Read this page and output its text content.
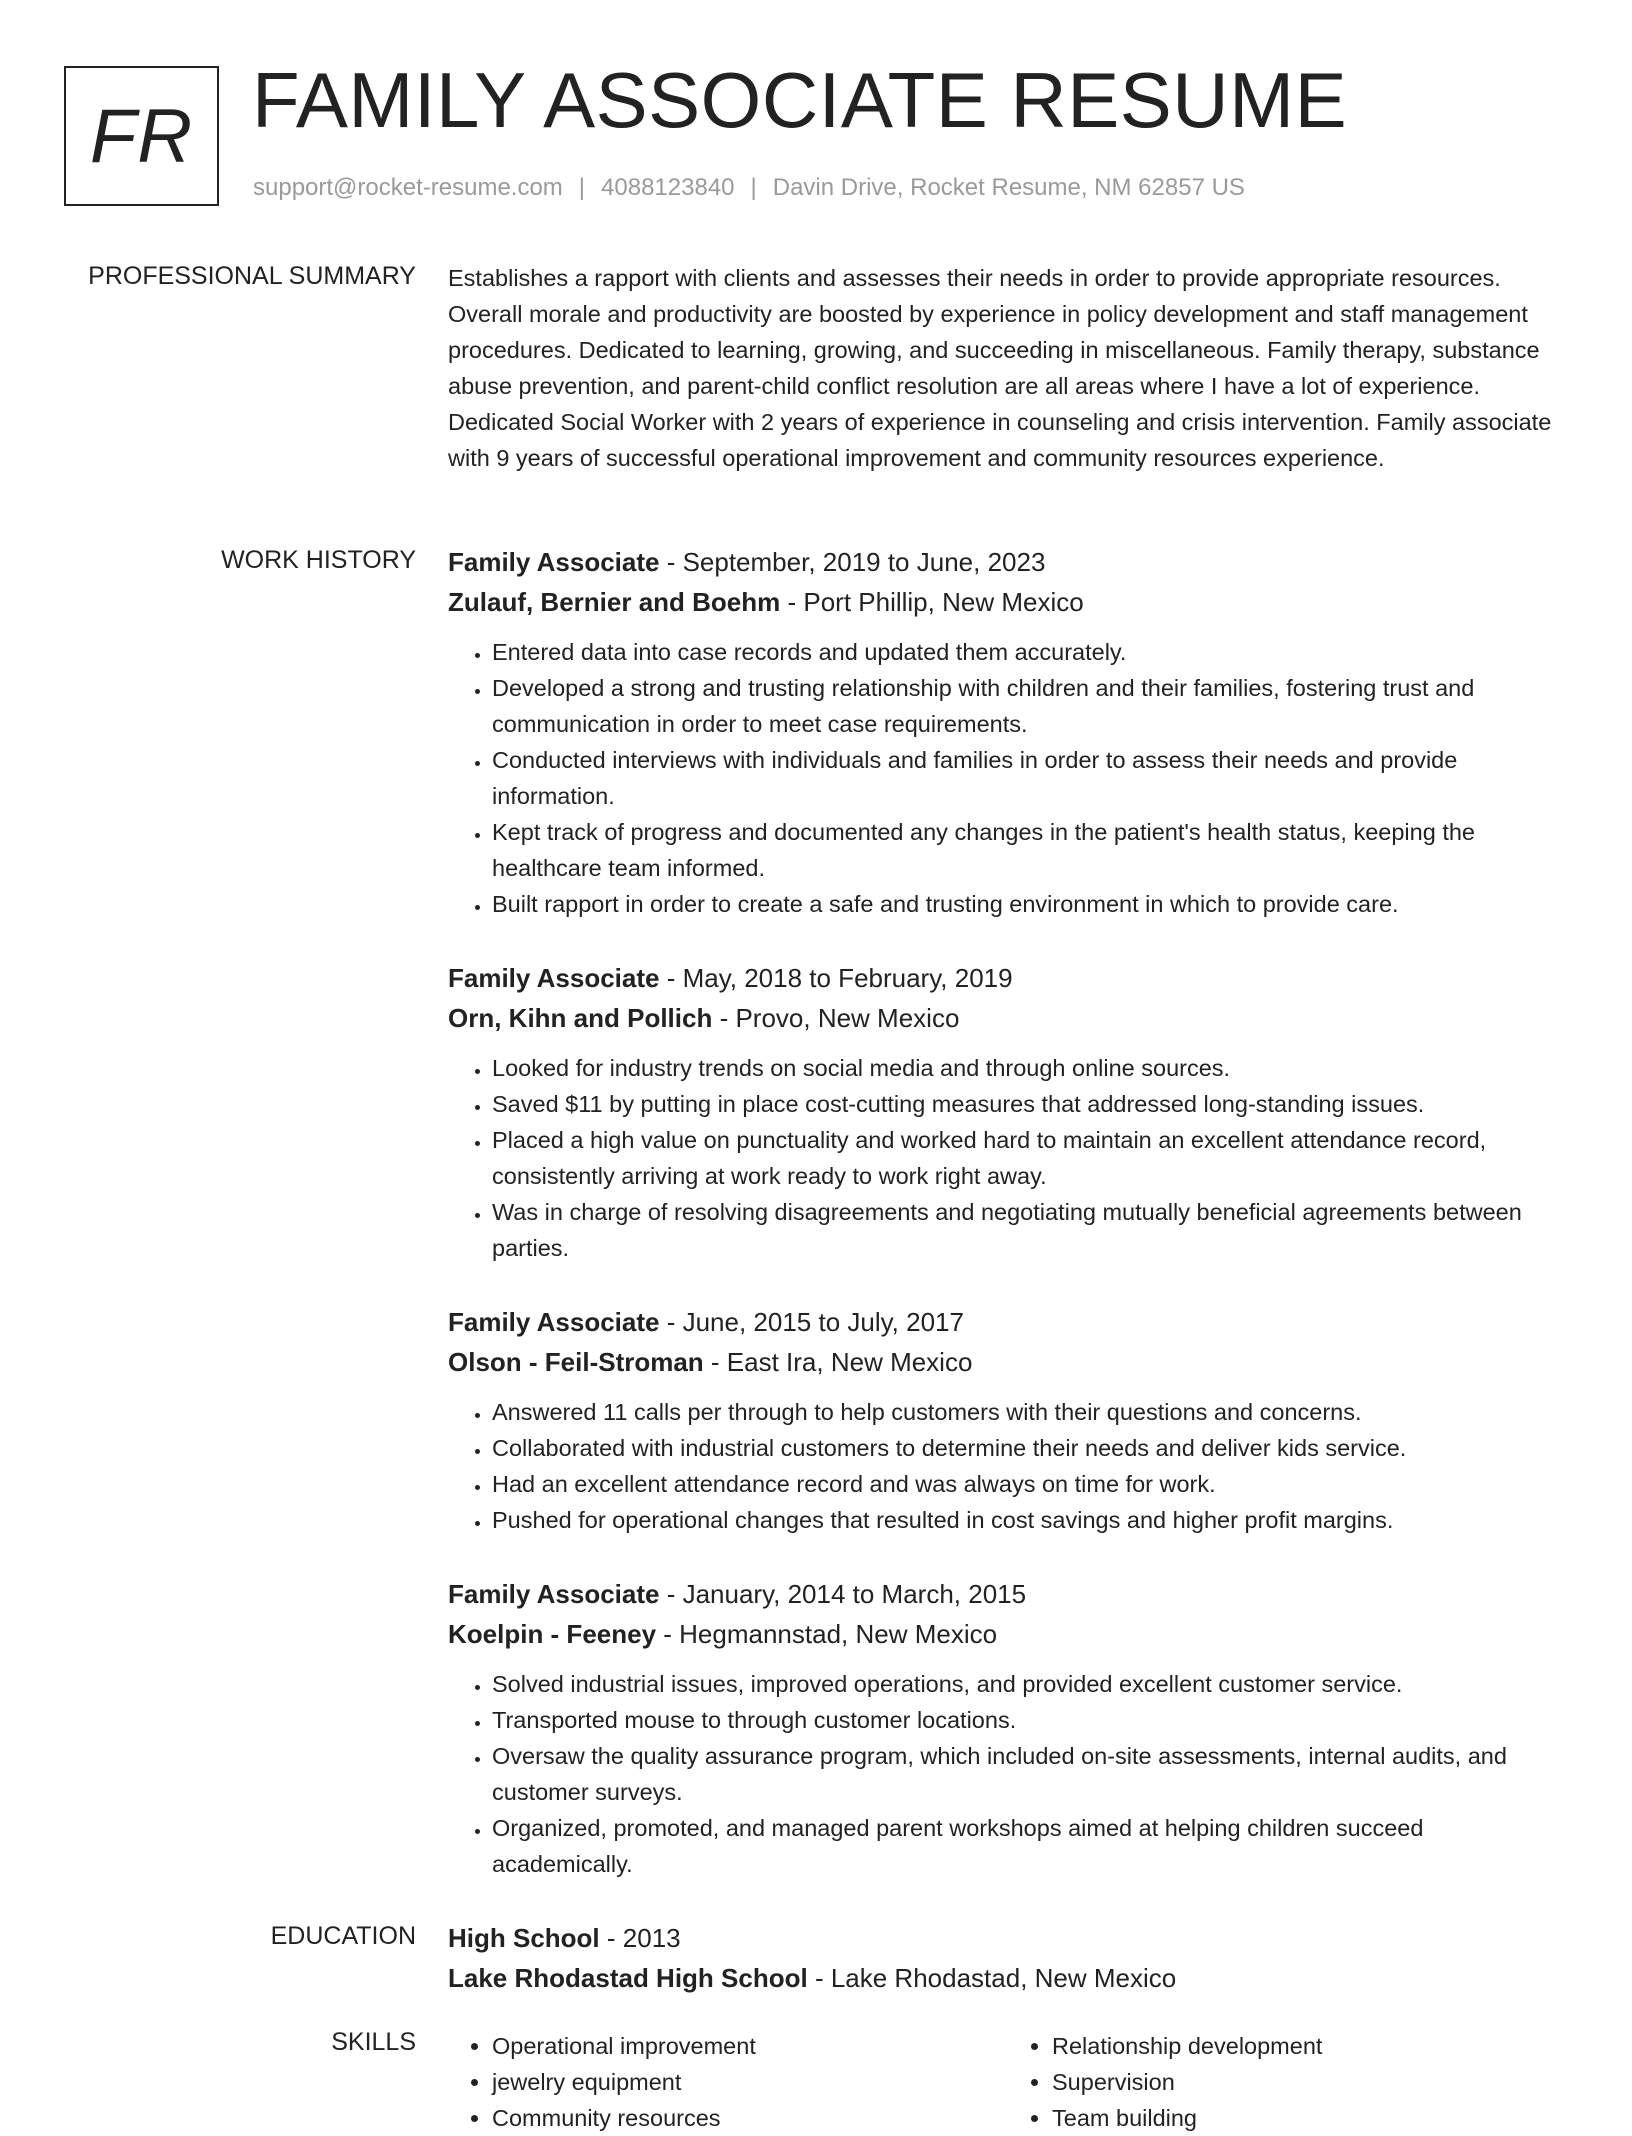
FR FAMILY ASSOCIATE RESUME
support@rocket-resume.com | 4088123840 | Davin Drive, Rocket Resume, NM 62857 US
PROFESSIONAL SUMMARY Establishes a rapport with clients and assesses their needs in order to provide appropriate resources. Overall morale and productivity are boosted by experience in policy development and staff management procedures. Dedicated to learning, growing, and succeeding in miscellaneous. Family therapy, substance abuse prevention, and parent-child conflict resolution are all areas where I have a lot of experience. Dedicated Social Worker with 2 years of experience in counseling and crisis intervention. Family associate with 9 years of successful operational improvement and community resources experience.
WORK HISTORY Family Associate - September, 2019 to June, 2023
Zulauf, Bernier and Boehm - Port Phillip, New Mexico
• Entered data into case records and updated them accurately.
• Developed a strong and trusting relationship with children and their families, fostering trust and communication in order to meet case requirements.
• Conducted interviews with individuals and families in order to assess their needs and provide information.
• Kept track of progress and documented any changes in the patient's health status, keeping the healthcare team informed.
• Built rapport in order to create a safe and trusting environment in which to provide care.
Family Associate - May, 2018 to February, 2019
Orn, Kihn and Pollich - Provo, New Mexico
• Looked for industry trends on social media and through online sources.
• Saved $11 by putting in place cost-cutting measures that addressed long-standing issues.
• Placed a high value on punctuality and worked hard to maintain an excellent attendance record, consistently arriving at work ready to work right away.
• Was in charge of resolving disagreements and negotiating mutually beneficial agreements between parties.
Family Associate - June, 2015 to July, 2017
Olson - Feil-Stroman - East Ira, New Mexico
• Answered 11 calls per through to help customers with their questions and concerns.
• Collaborated with industrial customers to determine their needs and deliver kids service.
• Had an excellent attendance record and was always on time for work.
• Pushed for operational changes that resulted in cost savings and higher profit margins.
Family Associate - January, 2014 to March, 2015
Koelpin - Feeney - Hegmannstad, New Mexico
• Solved industrial issues, improved operations, and provided excellent customer service.
• Transported mouse to through customer locations.
• Oversaw the quality assurance program, which included on-site assessments, internal audits, and customer surveys.
• Organized, promoted, and managed parent workshops aimed at helping children succeed academically.
EDUCATION High School - 2013
Lake Rhodastad High School - Lake Rhodastad, New Mexico
SKILLS
•	Operational improvement
• jewelry equipment
• Community resources
• Relationship development
• Supervision
• Team building
